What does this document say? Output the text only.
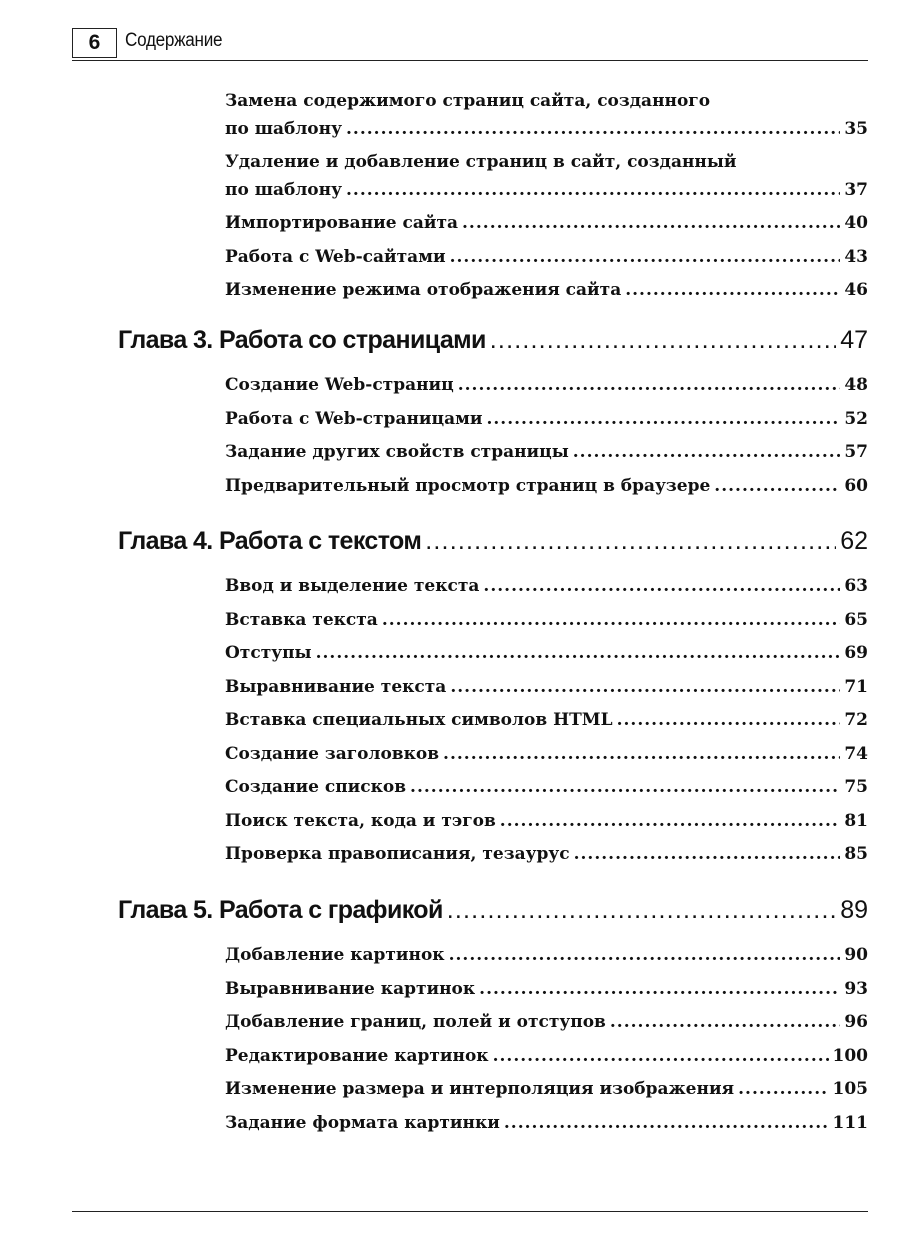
6	Содержание
Замена содержимого страниц сайта, созданного
по шаблону .....	35
Удаление и добавление страниц в сайт, созданный
по шаблону .....	37
Импортирование сайта .....	40
Работа с Web-сайтами .....	43
Изменение режима отображения сайта .....	46
Глава 3. Работа со страницами .....	47
Создание Web-страниц .....	48
Работа с Web-страницами .....	52
Задание других свойств страницы .....	57
Предварительный просмотр страниц в браузере .....	60
Глава 4. Работа с текстом .....	62
Ввод и выделение текста .....	63
Вставка текста .....	65
Отступы .....	69
Выравнивание текста .....	71
Вставка специальных символов HTML .....	72
Создание заголовков .....	74
Создание списков .....	75
Поиск текста, кода и тэгов .....	81
Проверка правописания, тезаурус .....	85
Глава 5. Работа с графикой .....	89
Добавление картинок .....	90
Выравнивание картинок .....	93
Добавление границ, полей и отступов .....	96
Редактирование картинок .....	100
Изменение размера и интерполяция изображения .....	105
Задание формата картинки .....	111
